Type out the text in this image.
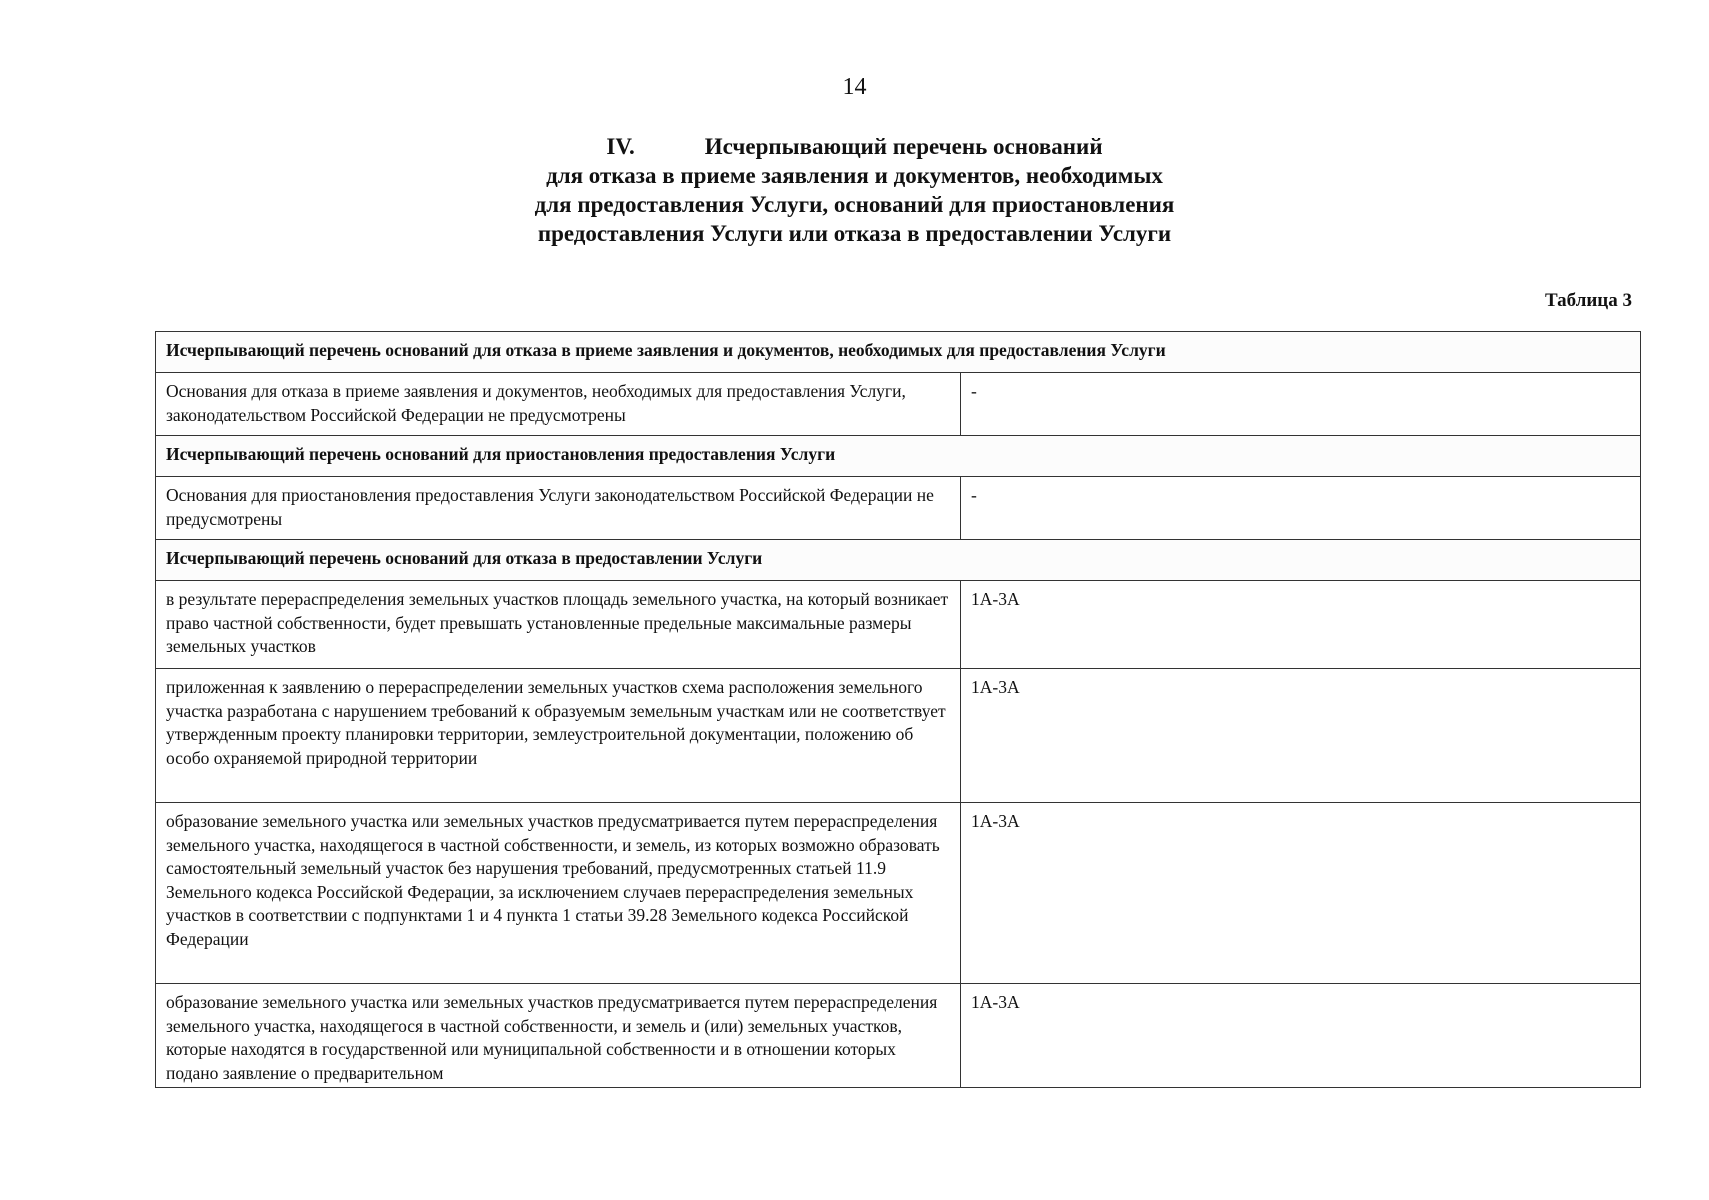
14
IV.	Исчерпывающий перечень оснований
для отказа в приеме заявления и документов, необходимых
для предоставления Услуги, оснований для приостановления
предоставления Услуги или отказа в предоставлении Услуги
Таблица 3
Исчерпывающий перечень оснований для отказа в приеме заявления и документов, необходимых для предоставления Услуги	
Основания для отказа в приеме заявления и документов, необходимых для предоставления Услуги, законодательством Российской Федерации не предусмотрены	-
Исчерпывающий перечень оснований для приостановления предоставления Услуги	
Основания для приостановления предоставления Услуги законодательством Российской Федерации не предусмотрены	-
Исчерпывающий перечень оснований для отказа в предоставлении Услуги	
в результате перераспределения земельных участков площадь земельного участка, на который возникает право частной собственности, будет превышать установленные предельные максимальные размеры земельных участков	1А-3А
приложенная к заявлению о перераспределении земельных участков схема расположения земельного участка разработана с нарушением требований к образуемым земельным участкам или не соответствует утвержденным проекту планировки территории, землеустроительной документации, положению об особо охраняемой природной территории	1А-3А
образование земельного участка или земельных участков предусматривается путем перераспределения земельного участка, находящегося в частной собственности, и земель, из которых возможно образовать самостоятельный земельный участок без нарушения требований, предусмотренных статьей 11.9 Земельного кодекса Российской Федерации, за исключением случаев перераспределения земельных участков в соответствии с подпунктами 1 и 4 пункта 1 статьи 39.28 Земельного кодекса Российской Федерации	1А-3А
образование земельного участка или земельных участков предусматривается путем перераспределения земельного участка, находящегося в частной собственности, и земель и (или) земельных участков, которые находятся в государственной или муниципальной собственности и в отношении которых подано заявление о предварительном	1А-3А
